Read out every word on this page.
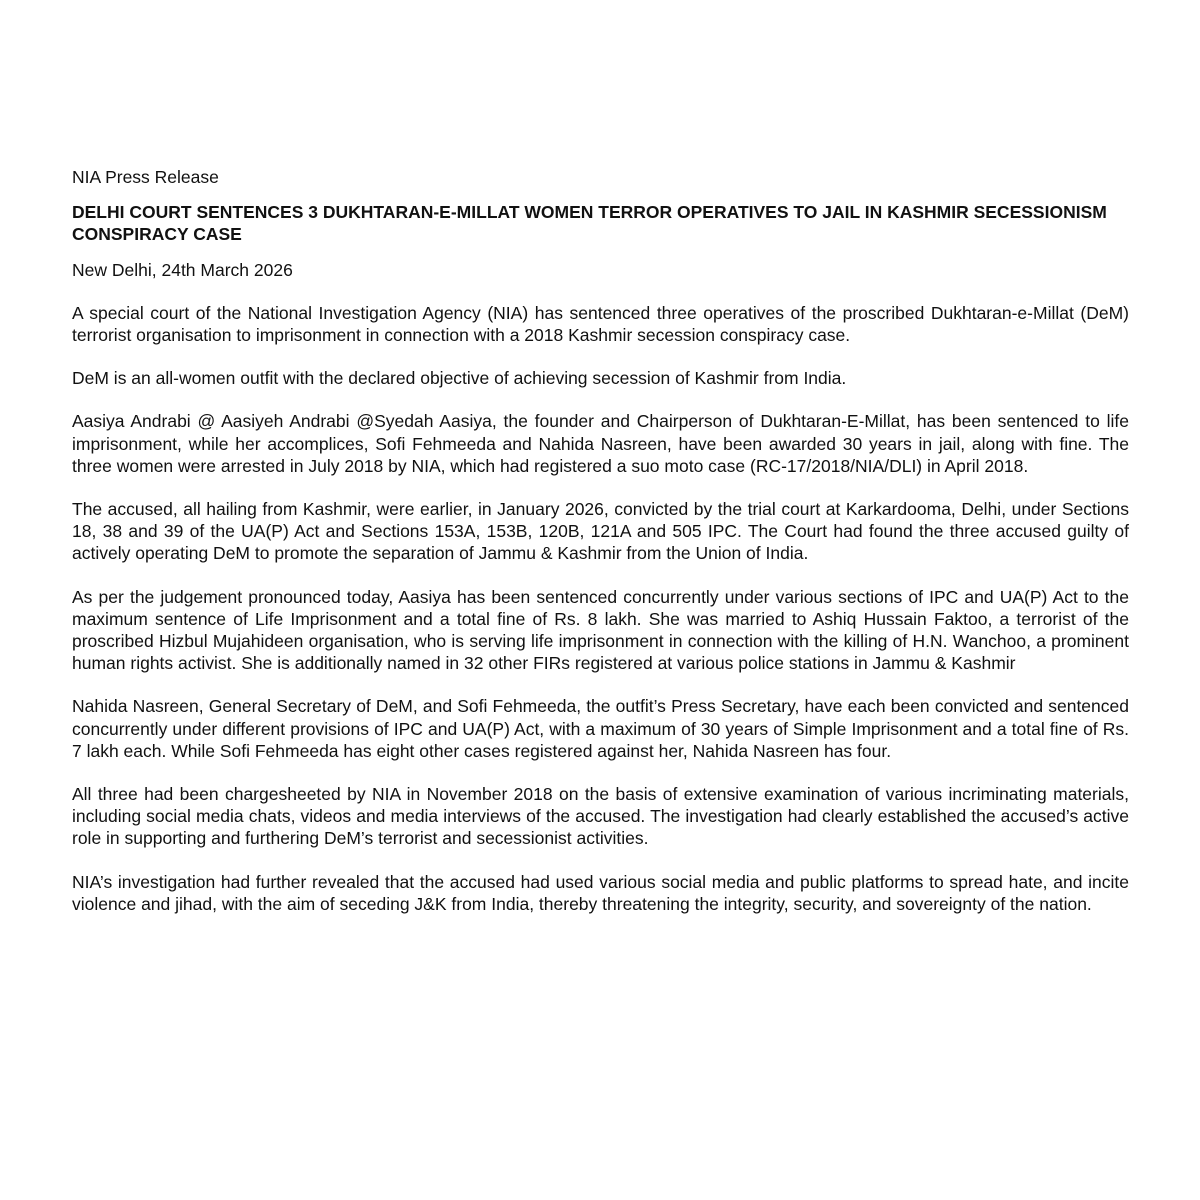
NIA Press Release

DELHI COURT SENTENCES 3 DUKHTARAN-E-MILLAT WOMEN TERROR OPERATIVES TO JAIL IN KASHMIR SECESSIONISM CONSPIRACY CASE

New Delhi, 24th March 2026

A special court of the National Investigation Agency (NIA) has sentenced three operatives of the proscribed Dukhtaran-e-Millat (DeM) terrorist organisation to imprisonment in connection with a 2018 Kashmir secession conspiracy case.

DeM is an all-women outfit with the declared objective of achieving secession of Kashmir from India.

Aasiya Andrabi @ Aasiyeh Andrabi @Syedah Aasiya, the founder and Chairperson of Dukhtaran-E-Millat, has been sentenced to life imprisonment, while her accomplices, Sofi Fehmeeda and Nahida Nasreen, have been awarded 30 years in jail, along with fine. The three women were arrested in July 2018 by NIA, which had registered a suo moto case (RC-17/2018/NIA/DLI) in April 2018.

The accused, all hailing from Kashmir, were earlier, in January 2026, convicted by the trial court at Karkardooma, Delhi, under Sections 18, 38 and 39 of the UA(P) Act and Sections 153A, 153B, 120B, 121A and 505 IPC. The Court had found the three accused guilty of actively operating DeM to promote the separation of Jammu & Kashmir from the Union of India.

As per the judgement pronounced today, Aasiya has been sentenced concurrently under various sections of IPC and UA(P) Act to the maximum sentence of Life Imprisonment and a total fine of Rs. 8 lakh. She was married to Ashiq Hussain Faktoo, a terrorist of the proscribed Hizbul Mujahideen organisation, who is serving life imprisonment in connection with the killing of H.N. Wanchoo, a prominent human rights activist. She is additionally named in 32 other FIRs registered at various police stations in Jammu & Kashmir

Nahida Nasreen, General Secretary of DeM, and Sofi Fehmeeda, the outfit’s Press Secretary, have each been convicted and sentenced concurrently under different provisions of IPC and UA(P) Act, with a maximum of 30 years of Simple Imprisonment and a total fine of Rs. 7 lakh each. While Sofi Fehmeeda has eight other cases registered against her, Nahida Nasreen has four.

All three had been chargesheeted by NIA in November 2018 on the basis of extensive examination of various incriminating materials, including social media chats, videos and media interviews of the accused. The investigation had clearly established the accused’s active role in supporting and furthering DeM’s terrorist and secessionist activities.

NIA’s investigation had further revealed that the accused had used various social media and public platforms to spread hate, and incite violence and jihad, with the aim of seceding J&K from India, thereby threatening the integrity, security, and sovereignty of the nation.
